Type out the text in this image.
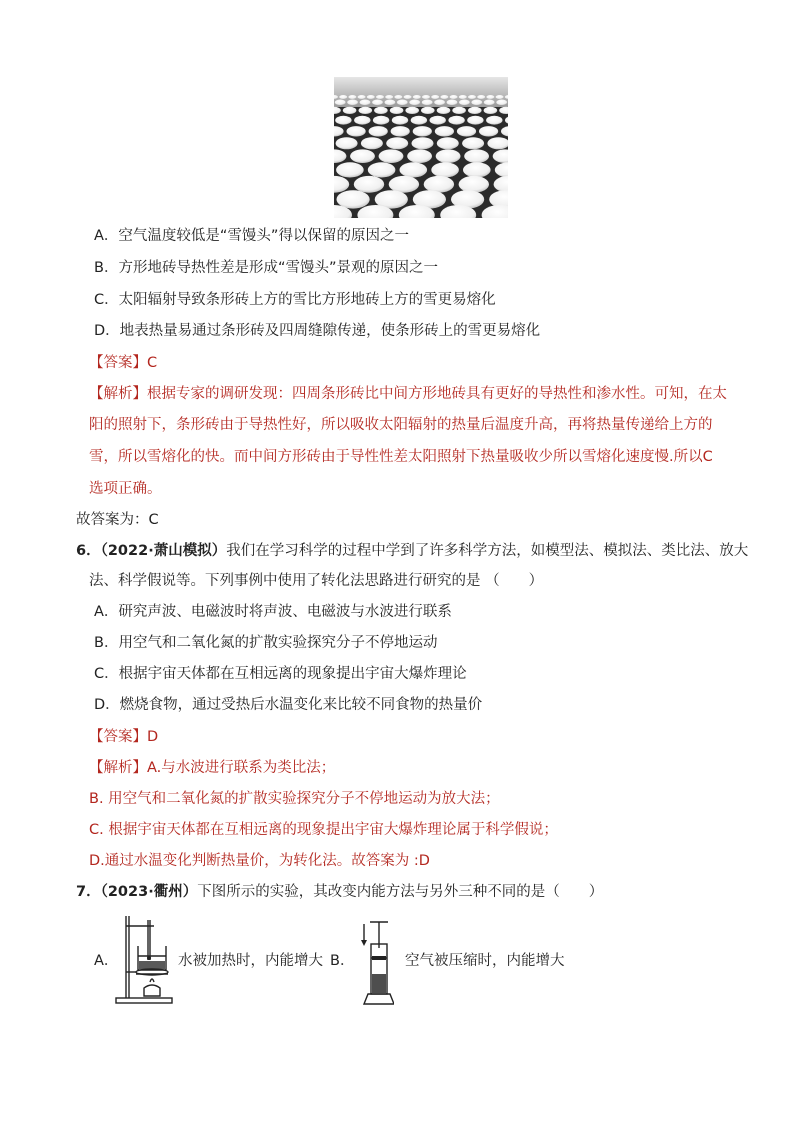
A．空气温度较低是“雪馒头”得以保留的原因之一
B．方形地砖导热性差是形成“雪馒头”景观的原因之一
C．太阳辐射导致条形砖上方的雪比方形地砖上方的雪更易熔化
D．地表热量易通过条形砖及四周缝隙传递，使条形砖上的雪更易熔化
【答案】C
【解析】根据专家的调研发现：四周条形砖比中间方形地砖具有更好的导热性和渗水性。可知，在太
阳的照射下，条形砖由于导热性好，所以吸收太阳辐射的热量后温度升高，再将热量传递给上方的
雪，所以雪熔化的快。而中间方形砖由于导性性差太阳照射下热量吸收少所以雪熔化速度慢.所以C
选项正确。
故答案为：C
6．（2022·萧山模拟）我们在学习科学的过程中学到了许多科学方法，如模型法、模拟法、类比法、放大
法、科学假说等。下列事例中使用了转化法思路进行研究的是 （　　）
A．研究声波、电磁波时将声波、电磁波与水波进行联系
B．用空气和二氧化氮的扩散实验探究分子不停地运动
C．根据宇宙天体都在互相远离的现象提出宇宙大爆炸理论
D．燃烧食物，通过受热后水温变化来比较不同食物的热量价
【答案】D
【解析】A.与水波进行联系为类比法；
B. 用空气和二氧化氮的扩散实验探究分子不停地运动为放大法；
C. 根据宇宙天体都在互相远离的现象提出宇宙大爆炸理论属于科学假说；
D.通过水温变化判断热量价，为转化法。故答案为 :D
7．（2023·衢州）下图所示的实验，其改变内能方法与另外三种不同的是（　　）
A．	水被加热时，内能增大 B．	空气被压缩时，内能增大
